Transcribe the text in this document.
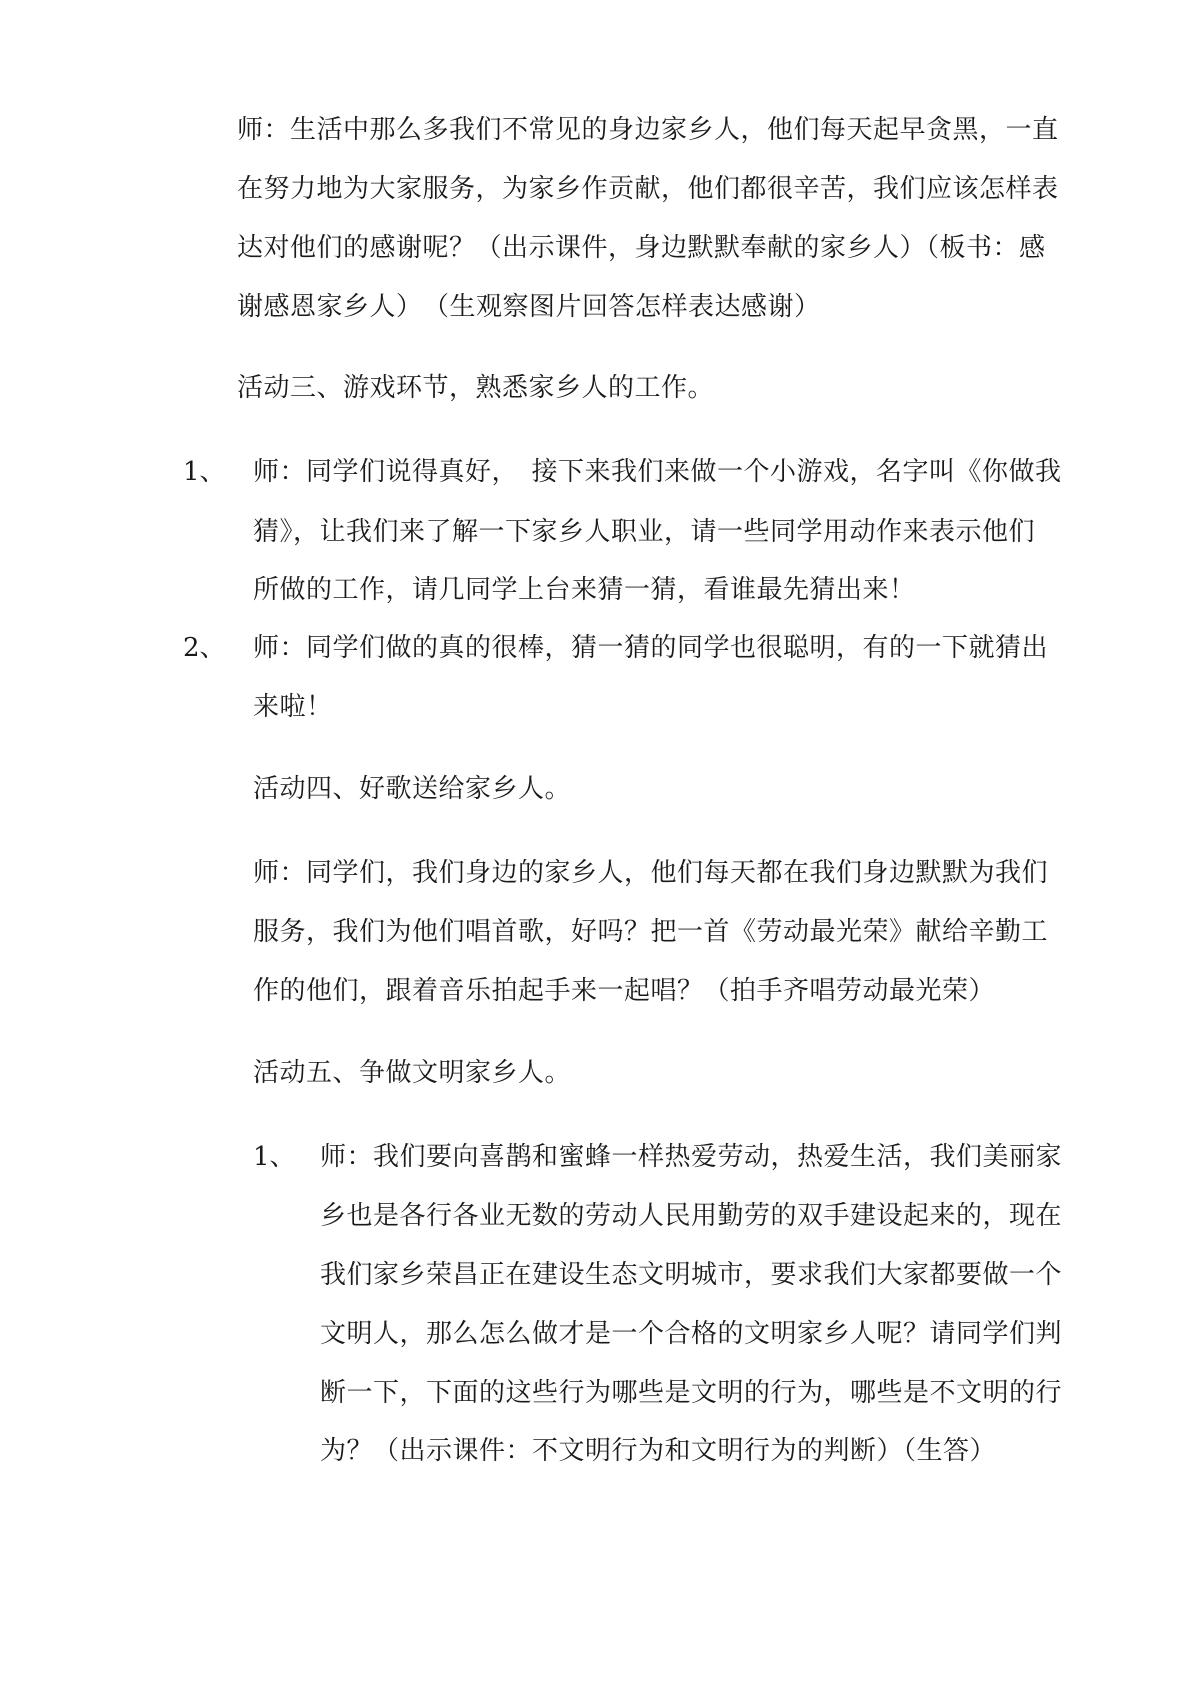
师：生活中那么多我们不常见的身边家乡人，他们每天起早贪黑，一直
在努力地为大家服务，为家乡作贡献，他们都很辛苦，我们应该怎样表
达对他们的感谢呢？（出示课件，身边默默奉献的家乡人）（板书：感
谢感恩家乡人）　（生观察图片回答怎样表达感谢）
活动三、游戏环节，熟悉家乡人的工作。
1、 师：同学们说得真好，　接下来我们来做一个小游戏，名字叫《你做我
猜》，让我们来了解一下家乡人职业，请一些同学用动作来表示他们
所做的工作，请几同学上台来猜一猜，看谁最先猜出来！
2、 师：同学们做的真的很棒，猜一猜的同学也很聪明，有的一下就猜出
来啦！
活动四、好歌送给家乡人。
师：同学们，我们身边的家乡人，他们每天都在我们身边默默为我们
服务，我们为他们唱首歌，好吗？把一首《劳动最光荣》献给辛勤工
作的他们，跟着音乐拍起手来一起唱？（拍手齐唱劳动最光荣）
活动五、争做文明家乡人。
1、 师：我们要向喜鹊和蜜蜂一样热爱劳动，热爱生活，我们美丽家
乡也是各行各业无数的劳动人民用勤劳的双手建设起来的，现在
我们家乡荣昌正在建设生态文明城市，要求我们大家都要做一个
文明人，那么怎么做才是一个合格的文明家乡人呢？请同学们判
断一下，下面的这些行为哪些是文明的行为，哪些是不文明的行
为？（出示课件：不文明行为和文明行为的判断）（生答）
